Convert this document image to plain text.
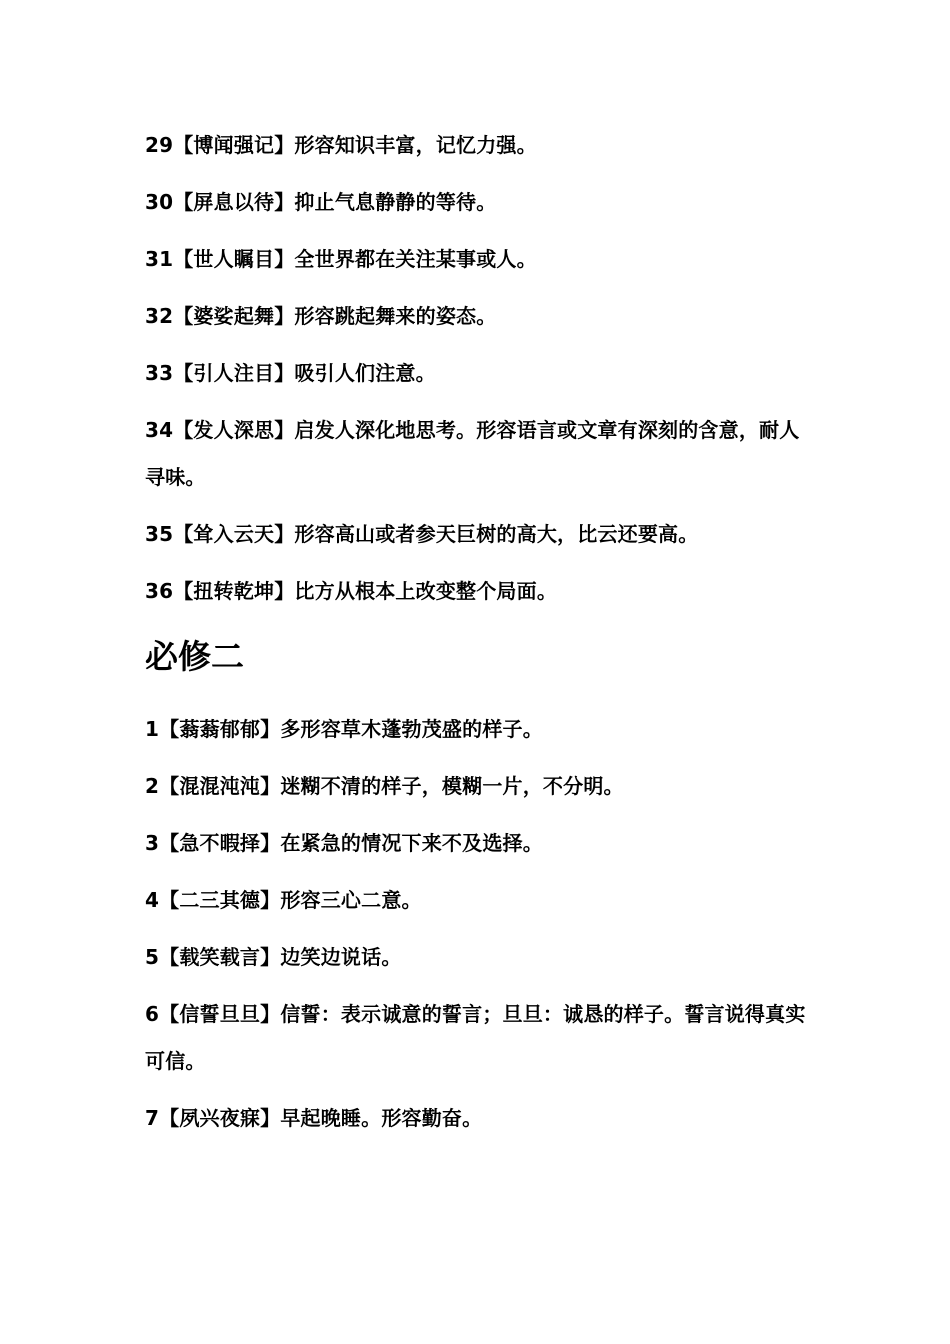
29【博闻强记】形容知识丰富，记忆力强。
30【屏息以待】抑止气息静静的等待。
31【世人瞩目】全世界都在关注某事或人。
32【婆娑起舞】形容跳起舞来的姿态。
33【引人注目】吸引人们注意。
34【发人深思】启发人深化地思考。形容语言或文章有深刻的含意，耐人寻味。
35【耸入云天】形容高山或者参天巨树的高大，比云还要高。
36【扭转乾坤】比方从根本上改变整个局面。
必修二
1【蓊蓊郁郁】多形容草木蓬勃茂盛的样子。
2【混混沌沌】迷糊不清的样子，模糊一片，不分明。
3【急不暇择】在紧急的情况下来不及选择。
4【二三其德】形容三心二意。
5【载笑载言】边笑边说话。
6【信誓旦旦】信誓：表示诚意的誓言；旦旦：诚恳的样子。誓言说得真实可信。
7【夙兴夜寐】早起晚睡。形容勤奋。
